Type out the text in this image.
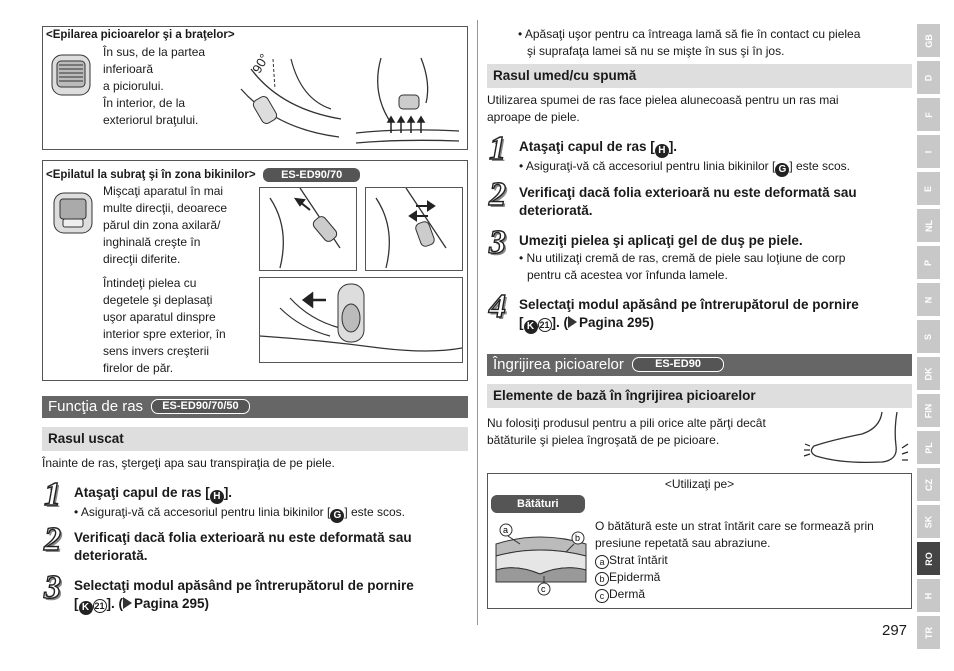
<Epilarea picioarelor şi a braţelor>
În sus, de la partea
inferioară
a piciorului.
În interior, de la
exteriorul braţului.
90°
<Epilatul la subraţ şi în zona bikinilor> ES-ED90/70
Mişcaţi aparatul în mai
multe direcţii, deoarece
părul din zona axilară/
inghinală creşte în
direcţii diferite.
Întindeţi pielea cu
degetele şi deplasaţi
uşor aparatul dinspre
interior spre exterior, în
sens invers creşterii
firelor de păr.
Funcţia de ras ES-ED90/70/50
Rasul uscat
Înainte de ras, ştergeţi apa sau transpiraţia de pe piele.
1 Ataşaţi capul de ras [ H ].
• Asiguraţi-vă că accesoriul pentru linia bikinilor [ G ] este scos.
2 Verificaţi dacă folia exterioară nu este deformată sau
deteriorată.
3 Selectaţi modul apăsând pe întrerupătorul de pornire
[ K 21 ]. ( Pagina 295)
• Apăsaţi uşor pentru ca întreaga lamă să fie în contact cu pielea
şi suprafaţa lamei să nu se mişte în sus şi în jos.
Rasul umed/cu spumă
Utilizarea spumei de ras face pielea alunecoasă pentru un ras mai
aproape de piele.
1 Ataşaţi capul de ras [ H ].
• Asiguraţi-vă că accesoriul pentru linia bikinilor [ G ] este scos.
2 Verificaţi dacă folia exterioară nu este deformată sau
deteriorată.
3 Umeziţi pielea şi aplicaţi gel de duş pe piele.
• Nu utilizaţi cremă de ras, cremă de piele sau loţiune de corp
pentru că acestea vor înfunda lamele.
4 Selectaţi modul apăsând pe întrerupătorul de pornire
[ K 21 ]. ( Pagina 295)
Îngrijirea picioarelor	ES-ED90
Elemente de bază în îngrijirea picioarelor
Nu folosiţi produsul pentru a pili orice alte părţi decât
bătăturile şi pielea îngroşată de pe picioare.
<Utilizaţi pe>
Bătături
a
b
c
O bătătură este un strat întărit care se formează prin
presiune repetată sau abraziune.
a Strat întărit
b Epidermă
c Dermă
297
GB
D
F
I
E
NL
P
N
S
DK
FIN
PL
CZ
SK
RO
H
TR
